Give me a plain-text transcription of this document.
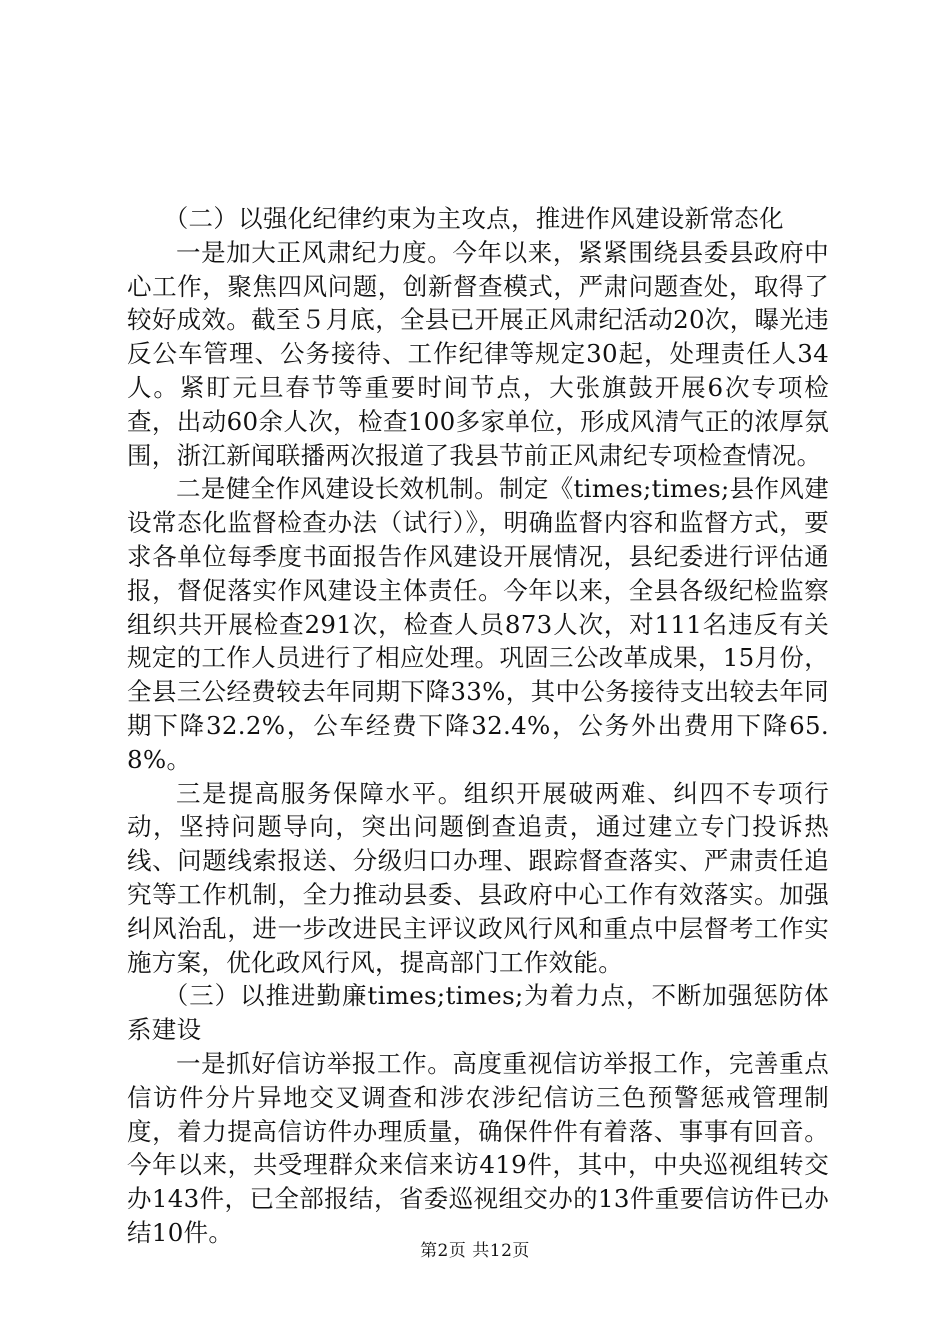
（二）以强化纪律约束为主攻点，推进作风建设新常态化

一是加大正风肃纪力度。今年以来，紧紧围绕县委县政府中心工作，聚焦四风问题，创新督查模式，严肃问题查处，取得了较好成效。截至５月底，全县已开展正风肃纪活动20次，曝光违反公车管理、公务接待、工作纪律等规定30起，处理责任人34人。紧盯元旦春节等重要时间节点，大张旗鼓开展6次专项检查，出动60余人次，检查100多家单位，形成风清气正的浓厚氛围，浙江新闻联播两次报道了我县节前正风肃纪专项检查情况。

二是健全作风建设长效机制。制定《times;times;县作风建设常态化监督检查办法（试行）》，明确监督内容和监督方式，要求各单位每季度书面报告作风建设开展情况，县纪委进行评估通报，督促落实作风建设主体责任。今年以来，全县各级纪检监察组织共开展检查291次，检查人员873人次，对111名违反有关规定的工作人员进行了相应处理。巩固三公改革成果，15月份，全县三公经费较去年同期下降33%，其中公务接待支出较去年同期下降32.2%，公车经费下降32.4%，公务外出费用下降65.8%。

三是提高服务保障水平。组织开展破两难、纠四不专项行动，坚持问题导向，突出问题倒查追责，通过建立专门投诉热线、问题线索报送、分级归口办理、跟踪督查落实、严肃责任追究等工作机制，全力推动县委、县政府中心工作有效落实。加强纠风治乱，进一步改进民主评议政风行风和重点中层督考工作实施方案，优化政风行风，提高部门工作效能。

（三）以推进勤廉times;times;为着力点，不断加强惩防体系建设

一是抓好信访举报工作。高度重视信访举报工作，完善重点信访件分片异地交叉调查和涉农涉纪信访三色预警惩戒管理制度，着力提高信访件办理质量，确保件件有着落、事事有回音。今年以来，共受理群众来信来访419件，其中，中央巡视组转交办143件，已全部报结，省委巡视组交办的13件重要信访件已办结10件。

第2页 共12页
